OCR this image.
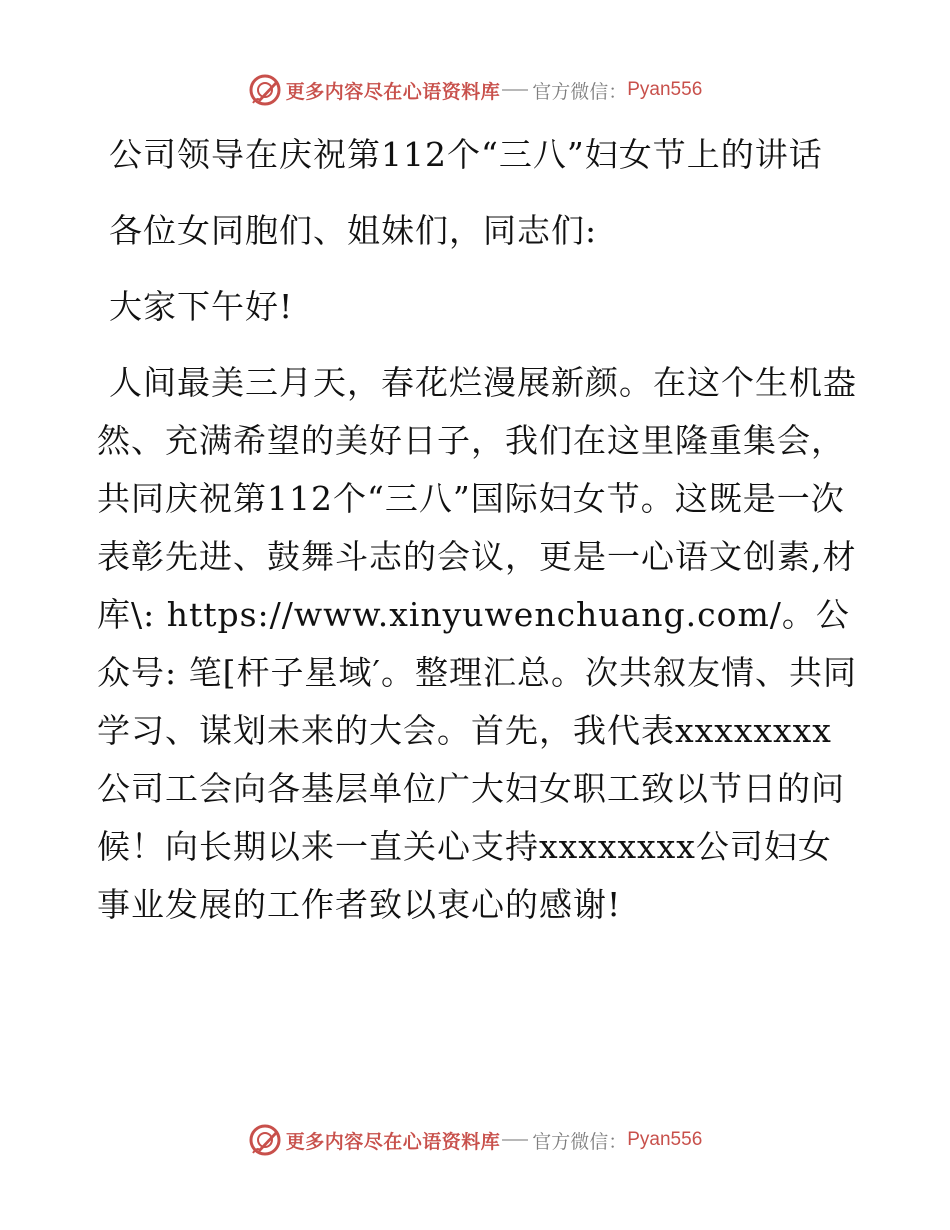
更多内容尽在心语资料库 官方微信： Pyan556

公司领导在庆祝第112个“三八”妇女节上的讲话

各位女同胞们、姐妹们，同志们:

大家下午好!

人间最美三月天，春花烂漫展新颜。在这个生机盎然、充满希望的美好日子，我们在这里隆重集会，共同庆祝第112个“三八”国际妇女节。这既是一次表彰先进、鼓舞斗志的会议，更是一心语文创素,材库\: https://www.xinyuwenchuang.com/。公众号: 笔[杆子星域′。整理汇总。次共叙友情、共同学习、谋划未来的大会。首先，我代表xxxxxxxx公司工会向各基层单位广大妇女职工致以节日的问候！向长期以来一直关心支持xxxxxxxx公司妇女事业发展的工作者致以衷心的感谢!

更多内容尽在心语资料库 官方微信： Pyan556
